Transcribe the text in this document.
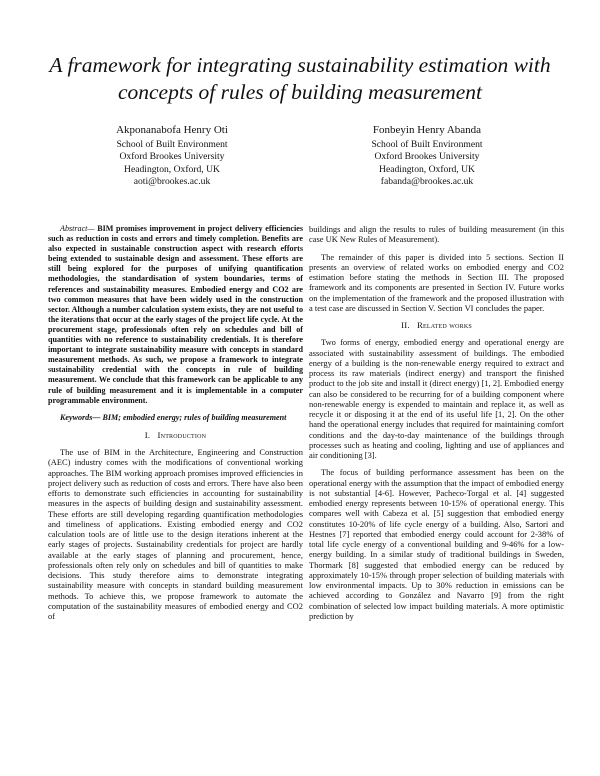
A framework for integrating sustainability estimation with concepts of rules of building measurement
Akponanabofa Henry Oti
School of Built Environment
Oxford Brookes University
Headington, Oxford, UK
aoti@brookes.ac.uk
Fonbeyin Henry Abanda
School of Built Environment
Oxford Brookes University
Headington, Oxford, UK
fabanda@brookes.ac.uk

Abstract— BIM promises improvement in project delivery efficiencies such as reduction in costs and errors and timely completion. Benefits are also expected in sustainable construction aspect with research efforts being extended to sustainable design and assessment. These efforts are still being explored for the purposes of unifying quantification methodologies, the standardisation of system boundaries, terms of references and sustainability measures. Embodied energy and CO2 are two common measures that have been widely used in the construction sector. Although a number calculation system exists, they are not useful to the iterations that occur at the early stages of the project life cycle. At the procurement stage, professionals often rely on schedules and bill of quantities with no reference to sustainability credentials. It is therefore important to integrate sustainability measure with concepts in standard measurement methods. As such, we propose a framework to integrate sustainability credential with the concepts in rule of building measurement. We conclude that this framework can be applicable to any rule of building measurement and it is implementable in a computer programmable environment.

Keywords— BIM; embodied energy; rules of building measurement

I. Introduction

The use of BIM in the Architecture, Engineering and Construction (AEC) industry comes with the modifications of conventional working approaches. The BIM working approach promises improved efficiencies in project delivery such as reduction of costs and errors. There have also been efforts to demonstrate such efficiencies in accounting for sustainability measures in the aspects of building design and sustainability assessment. These efforts are still developing regarding quantification methodologies and timeliness of applications. Existing embodied energy and CO2 calculation tools are of little use to the design iterations inherent at the early stages of projects. Sustainability credentials for project are hardly available at the early stages of planning and procurement, hence, professionals often rely only on schedules and bill of quantities to make decisions. This study therefore aims to demonstrate integrating sustainability measure with concepts in standard building measurement methods. To achieve this, we propose framework to automate the computation of the sustainability measures of embodied energy and CO2 of

buildings and align the results to rules of building measurement (in this case UK New Rules of Measurement).

The remainder of this paper is divided into 5 sections. Section II presents an overview of related works on embodied energy and CO2 estimation before stating the methods in Section III. The proposed framework and its components are presented in Section IV. Future works on the implementation of the framework and the proposed illustration with a test case are discussed in Section V. Section VI concludes the paper.

II. Related works

Two forms of energy, embodied energy and operational energy are associated with sustainability assessment of buildings. The embodied energy of a building is the non-renewable energy required to extract and process its raw materials (indirect energy) and transport the finished product to the job site and install it (direct energy) [1, 2]. Embodied energy can also be considered to be recurring for of a building component where non-renewable energy is expended to maintain and replace it, as well as recycle it or disposing it at the end of its useful life [1, 2]. On the other hand the operational energy includes that required for maintaining comfort conditions and the day-to-day maintenance of the buildings through processes such as heating and cooling, lighting and use of appliances and air conditioning [3].

The focus of building performance assessment has been on the operational energy with the assumption that the impact of embodied energy is not substantial [4-6]. However, Pacheco-Torgal et al. [4] suggested embodied energy represents between 10-15% of operational energy. This compares well with Cabeza et al. [5] suggestion that embodied energy constitutes 10-20% of life cycle energy of a building. Also, Sartori and Hestnes [7] reported that embodied energy could account for 2-38% of total life cycle energy of a conventional building and 9-46% for a low-energy building. In a similar study of traditional buildings in Sweden, Thormark [8] suggested that embodied energy can be reduced by approximately 10-15% through proper selection of building materials with low environmental impacts. Up to 30% reduction in emissions can be achieved according to González and Navarro [9] from the right combination of selected low impact building materials. A more optimistic prediction by
